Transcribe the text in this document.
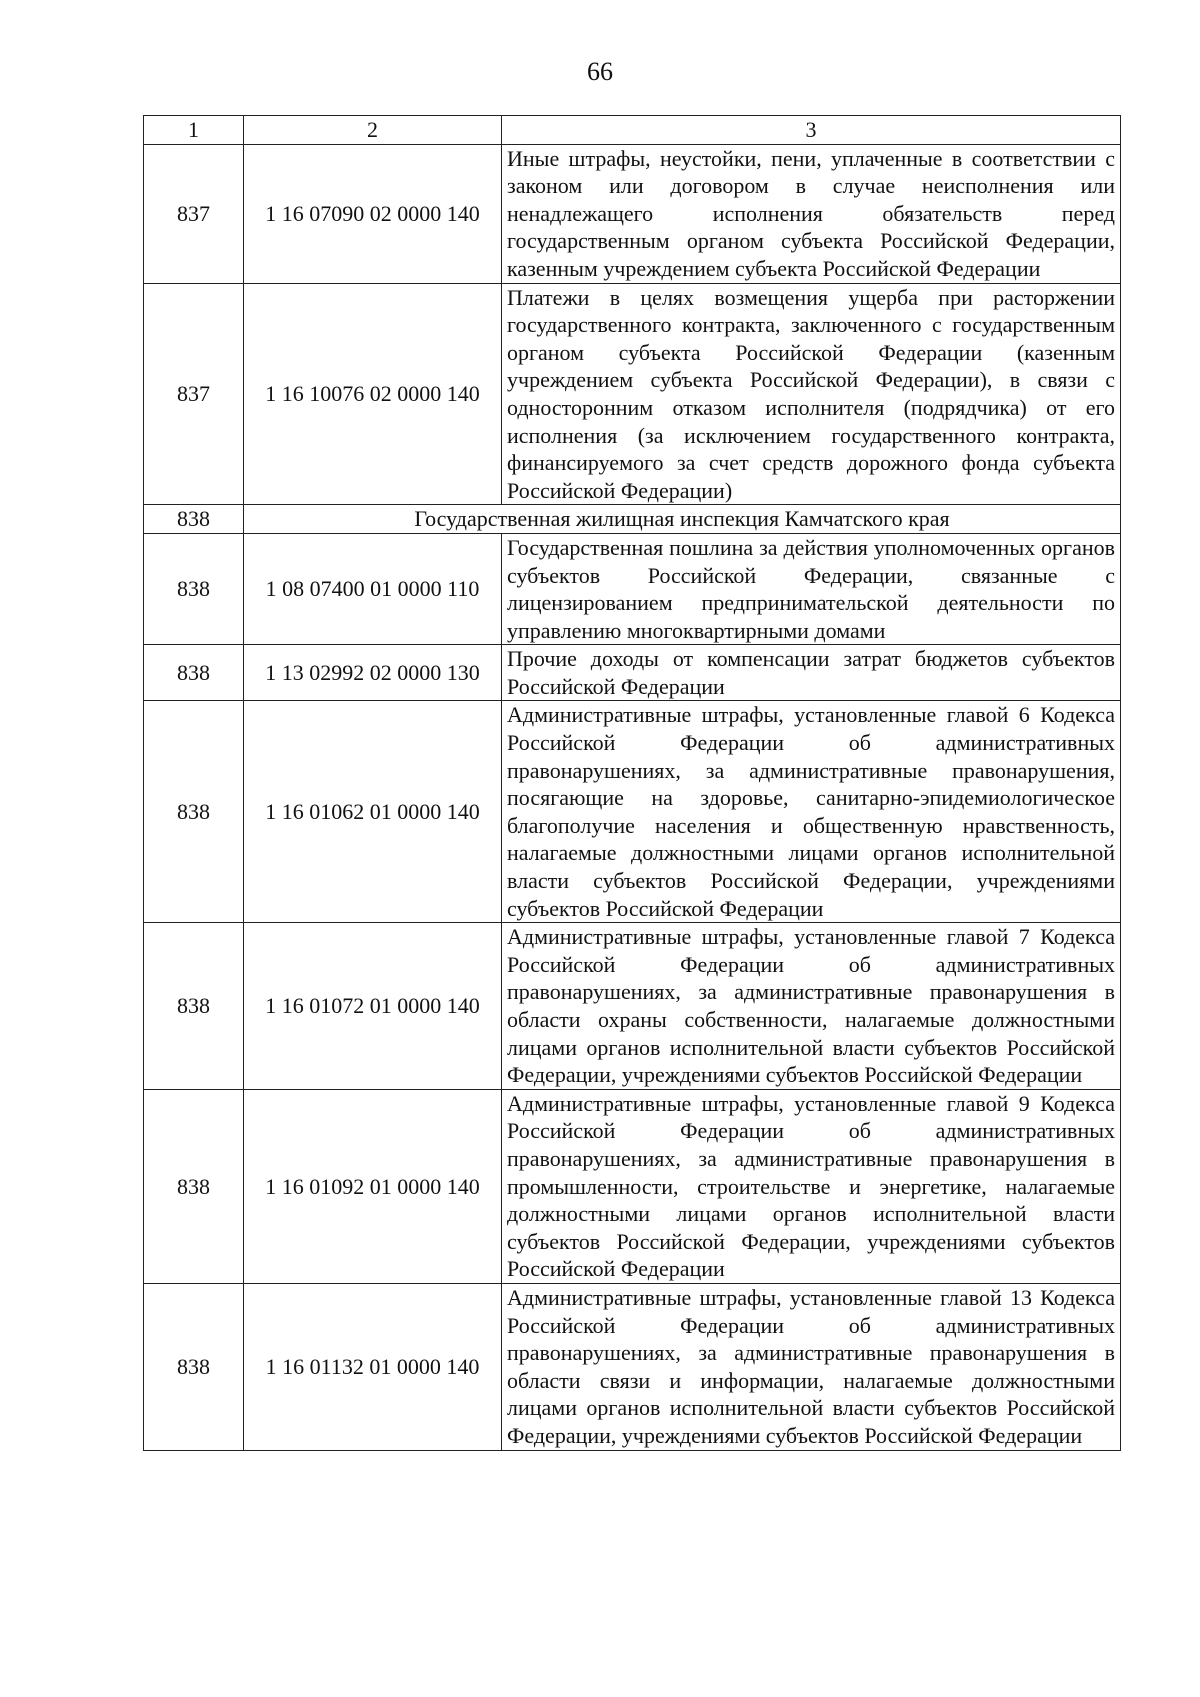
66
1	2	3
837	1 16 07090 02 0000 140	Иные штрафы, неустойки, пени, уплаченные в соответствии с законом или договором в случае неисполнения или ненадлежащего исполнения обязательств перед государственным органом субъекта Российской Федерации, казенным учреждением субъекта Российской Федерации
837	1 16 10076 02 0000 140	Платежи в целях возмещения ущерба при расторжении государственного контракта, заключенного с государственным органом субъекта Российской Федерации (казенным учреждением субъекта Российской Федерации), в связи с односторонним отказом исполнителя (подрядчика) от его исполнения (за исключением государственного контракта, финансируемого за счет средств дорожного фонда субъекта Российской Федерации)
838	Государственная жилищная инспекция Камчатского края	
838	1 08 07400 01 0000 110	Государственная пошлина за действия уполномоченных органов субъектов Российской Федерации, связанные с лицензированием предпринимательской деятельности по управлению многоквартирными домами
838	1 13 02992 02 0000 130	Прочие доходы от компенсации затрат бюджетов субъектов Российской Федерации
838	1 16 01062 01 0000 140	Административные штрафы, установленные главой 6 Кодекса Российской Федерации об административных правонарушениях, за административные правонарушения, посягающие на здоровье, санитарно-эпидемиологическое благополучие населения и общественную нравственность, налагаемые должностными лицами органов исполнительной власти субъектов Российской Федерации, учреждениями субъектов Российской Федерации
838	1 16 01072 01 0000 140	Административные штрафы, установленные главой 7 Кодекса Российской Федерации об административных правонарушениях, за административные правонарушения в области охраны собственности, налагаемые должностными лицами органов исполнительной власти субъектов Российской Федерации, учреждениями субъектов Российской Федерации
838	1 16 01092 01 0000 140	Административные штрафы, установленные главой 9 Кодекса Российской Федерации об административных правонарушениях, за административные правонарушения в промышленности, строительстве и энергетике, налагаемые должностными лицами органов исполнительной власти субъектов Российской Федерации, учреждениями субъектов Российской Федерации
838	1 16 01132 01 0000 140	Административные штрафы, установленные главой 13 Кодекса Российской Федерации об административных правонарушениях, за административные правонарушения в области связи и информации, налагаемые должностными лицами органов исполнительной власти субъектов Российской Федерации, учреждениями субъектов Российской Федерации
